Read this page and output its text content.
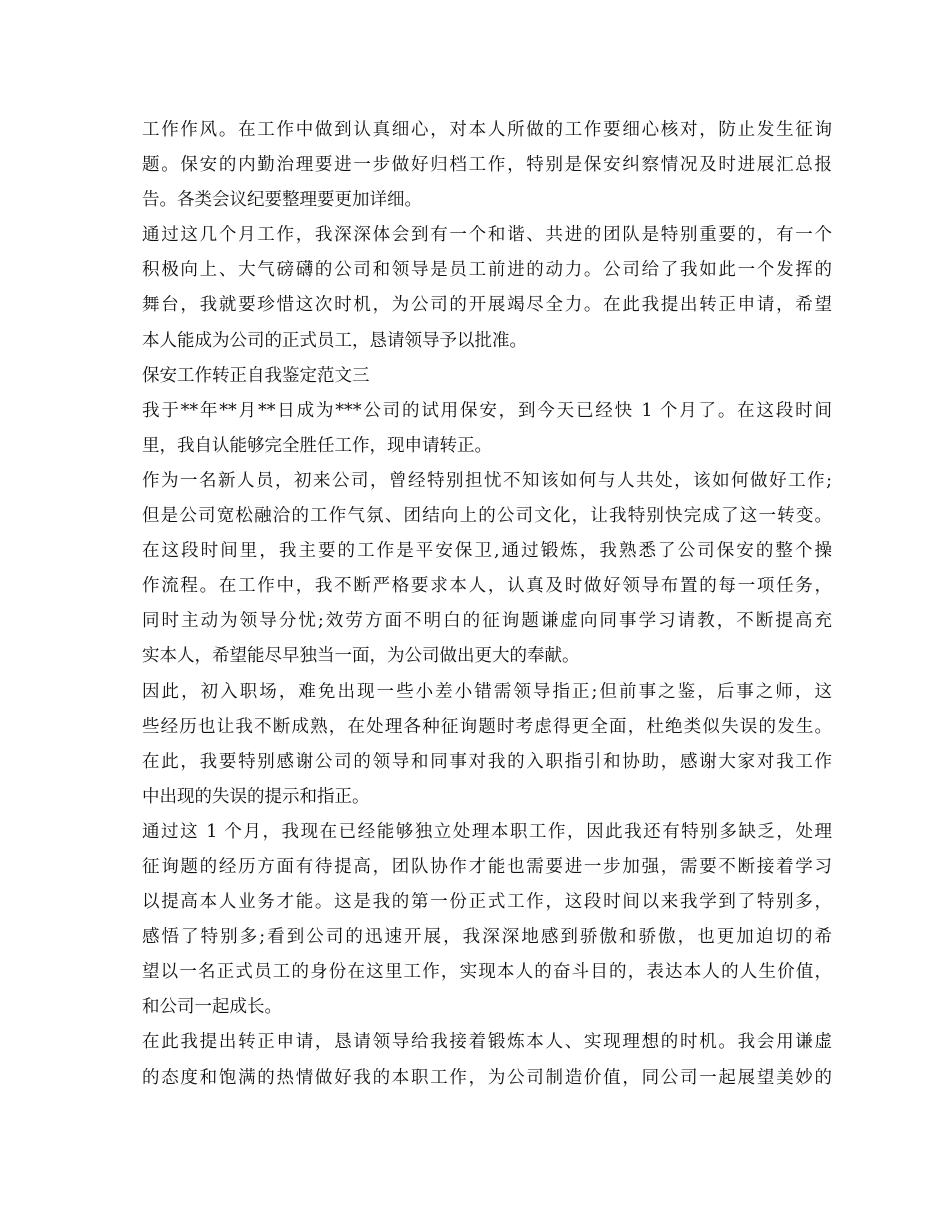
工作作风。在工作中做到认真细心，对本人所做的工作要细心核对，防止发生征询
题。保安的内勤治理要进一步做好归档工作，特别是保安纠察情况及时进展汇总报
告。各类会议纪要整理要更加详细。
通过这几个月工作，我深深体会到有一个和谐、共进的团队是特别重要的，有一个
积极向上、大气磅礴的公司和领导是员工前进的动力。公司给了我如此一个发挥的
舞台，我就要珍惜这次时机，为公司的开展竭尽全力。在此我提出转正申请，希望
本人能成为公司的正式员工，恳请领导予以批准。
保安工作转正自我鉴定范文三
我于**年**月**日成为***公司的试用保安，到今天已经快 1 个月了。在这段时间
里，我自认能够完全胜任工作，现申请转正。
作为一名新人员，初来公司，曾经特别担忧不知该如何与人共处，该如何做好工作;
但是公司宽松融洽的工作气氛、团结向上的公司文化，让我特别快完成了这一转变。
在这段时间里，我主要的工作是平安保卫,通过锻炼，我熟悉了公司保安的整个操
作流程。在工作中，我不断严格要求本人，认真及时做好领导布置的每一项任务，
同时主动为领导分忧;效劳方面不明白的征询题谦虚向同事学习请教，不断提高充
实本人，希望能尽早独当一面，为公司做出更大的奉献。
因此，初入职场，难免出现一些小差小错需领导指正;但前事之鉴，后事之师，这
些经历也让我不断成熟，在处理各种征询题时考虑得更全面，杜绝类似失误的发生。
在此，我要特别感谢公司的领导和同事对我的入职指引和协助，感谢大家对我工作
中出现的失误的提示和指正。
通过这 1 个月，我现在已经能够独立处理本职工作，因此我还有特别多缺乏，处理
征询题的经历方面有待提高，团队协作才能也需要进一步加强，需要不断接着学习
以提高本人业务才能。这是我的第一份正式工作，这段时间以来我学到了特别多，
感悟了特别多;看到公司的迅速开展，我深深地感到骄傲和骄傲，也更加迫切的希
望以一名正式员工的身份在这里工作，实现本人的奋斗目的，表达本人的人生价值，
和公司一起成长。
在此我提出转正申请，恳请领导给我接着锻炼本人、实现理想的时机。我会用谦虚
的态度和饱满的热情做好我的本职工作，为公司制造价值，同公司一起展望美妙的
